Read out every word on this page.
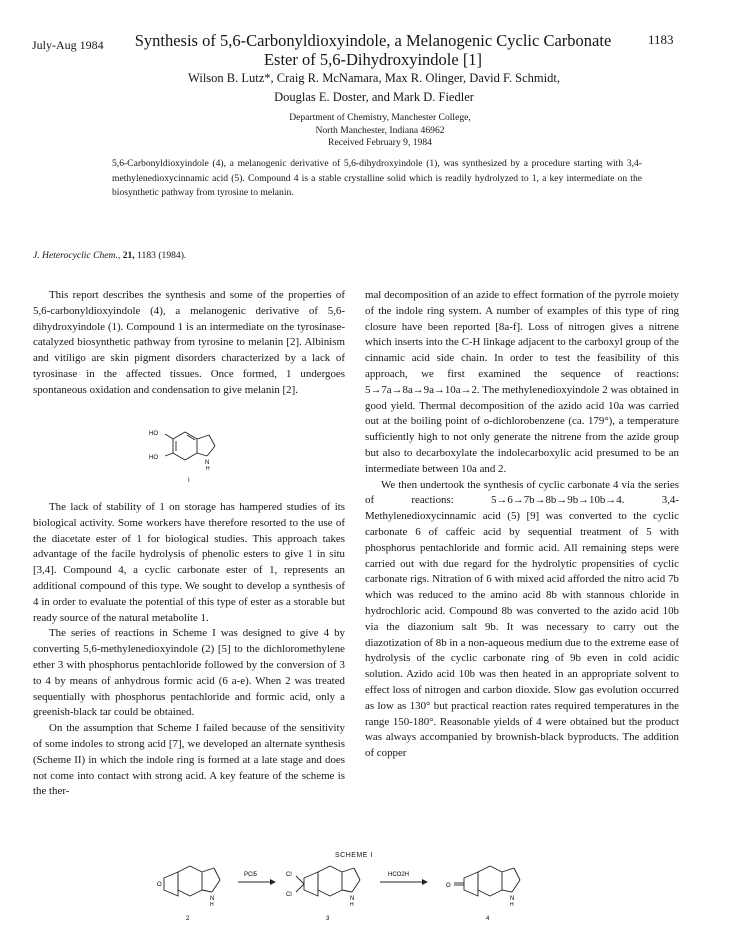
July-Aug 1984	Synthesis of 5,6-Carbonyldioxyindole, a Melanogenic Cyclic Carbonate
Ester of 5,6-Dihydroxyindole [1]
1183
Wilson B. Lutz*, Craig R. McNamara, Max R. Olinger, David F. Schmidt,
Douglas E. Doster, and Mark D. Fiedler
Department of Chemistry, Manchester College,
North Manchester, Indiana 46962
Received February 9, 1984
5,6-Carbonyldioxyindole (4), a melanogenic derivative of 5,6-dihydroxyindole (1), was synthesized by a procedure starting with 3,4-methylenedioxycinnamic acid (5). Compound 4 is a stable crystalline solid which is readily hydrolyzed to 1, a key intermediate on the biosynthetic pathway from tyrosine to melanin.
J. Heterocyclic Chem., 21, 1183 (1984).

This report describes the synthesis and some of the properties of 5,6-carbonyldioxyindole (4), a melanogenic derivative of 5,6-dihydroxyindole (1). Compound 1 is an intermediate on the tyrosinase-catalyzed biosynthetic pathway from tyrosine to melanin [2]. Albinism and vitiligo are skin pigment disorders characterized by a lack of tyrosinase in the affected tissues. Once formed, 1 undergoes spontaneous oxidation and condensation to give melanin [2].

HO
HO
N
H
I

The lack of stability of 1 on storage has hampered studies of its biological activity. Some workers have therefore resorted to the use of the diacetate ester of 1 for biological studies. This approach takes advantage of the facile hydrolysis of phenolic esters to give 1 in situ [3,4]. Compound 4, a cyclic carbonate ester of 1, represents an additional compound of this type. We sought to develop a synthesis of 4 in order to evaluate the potential of this type of ester as a storable but ready source of the natural metabolite 1.

The series of reactions in Scheme I was designed to give 4 by converting 5,6-methylenedioxyindole (2) [5] to the dichloromethylene ether 3 with phosphorus pentachloride followed by the conversion of 3 to 4 by means of anhydrous formic acid (6 a-e). When 2 was treated sequentially with phosphorus pentachloride and formic acid, only a greenish-black tar could be obtained.

On the assumption that Scheme I failed because of the sensitivity of some indoles to strong acid [7], we developed an alternate synthesis (Scheme II) in which the indole ring is formed at a late stage and does not come into contact with strong acid. A key feature of the scheme is the ther-

mal decomposition of an azide to effect formation of the pyrrole moiety of the indole ring system. A number of examples of this type of ring closure have been reported [8a-f]. Loss of nitrogen gives a nitrene which inserts into the C-H linkage adjacent to the carboxyl group of the cinnamic acid side chain. In order to test the feasibility of this approach, we first examined the sequence of reactions: 5→7a→8a→9a→10a→2. The methylenedioxyindole 2 was obtained in good yield. Thermal decomposition of the azido acid 10a was carried out at the boiling point of o-dichlorobenzene (ca. 179°), a temperature sufficiently high to not only generate the nitrene from the azide group but also to decarboxylate the indolecarboxylic acid presumed to be an intermediate between 10a and 2.

We then undertook the synthesis of cyclic carbonate 4 via the series of reactions: 5→6→7b→8b→9b→10b→4. 3,4-Methylenedioxycinnamic acid (5) [9] was converted to the cyclic carbonate 6 of caffeic acid by sequential treatment of 5 with phosphorus pentachloride and formic acid. All remaining steps were carried out with due regard for the hydrolytic propensities of cyclic carbonate rigs. Nitration of 6 with mixed acid afforded the nitro acid 7b which was reduced to the amino acid 8b with stannous chloride in hydrochloric acid. Compound 8b was converted to the azido acid 10b via the diazonium salt 9b. It was necessary to carry out the diazotization of 8b in a non-aqueous medium due to the extreme ease of hydrolysis of the cyclic carbonate ring of 9b even in cold acidic solution. Azido acid 10b was then heated in an appropriate solvent to effect loss of nitrogen and carbon dioxide. Slow gas evolution occurred as low as 130° but practical reaction rates required temperatures in the range 150-180°. Reasonable yields of 4 were obtained but the product was always accompanied by brownish-black byproducts. The addition of copper

SCHEME I
O
N
H
2
PCl5	Cl
Cl
N
H
3
HCO2H
O
N
H
4
